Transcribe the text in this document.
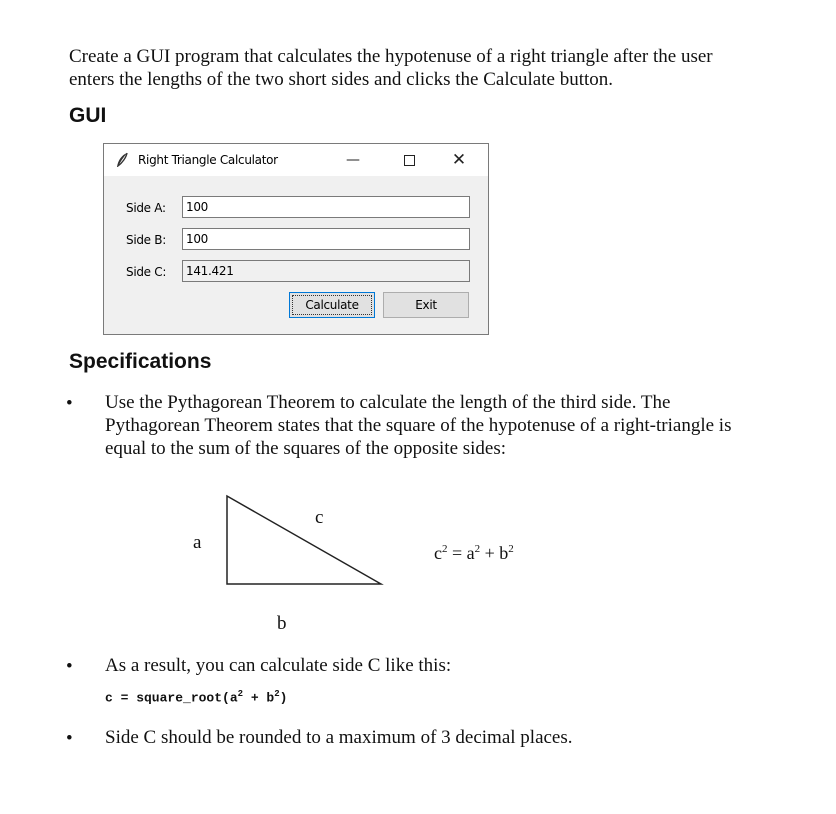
Create a GUI program that calculates the hypotenuse of a right triangle after the user
enters the lengths of the two short sides and clicks the Calculate button.
GUI
Right Triangle Calculator	—	✕
Side A:	100
Side B:	100
Side C:	141.421
Calculate	Exit
Specifications
• Use the Pythagorean Theorem to calculate the length of the third side. The
Pythagorean Theorem states that the square of the hypotenuse of a right-triangle is
equal to the sum of the squares of the opposite sides:
a
c
b
$c^2 = a^2 + b^2$
• As a result, you can calculate side C like this:
$c = square\_root(a^2 + b^2)$
• Side C should be rounded to a maximum of 3 decimal places.
